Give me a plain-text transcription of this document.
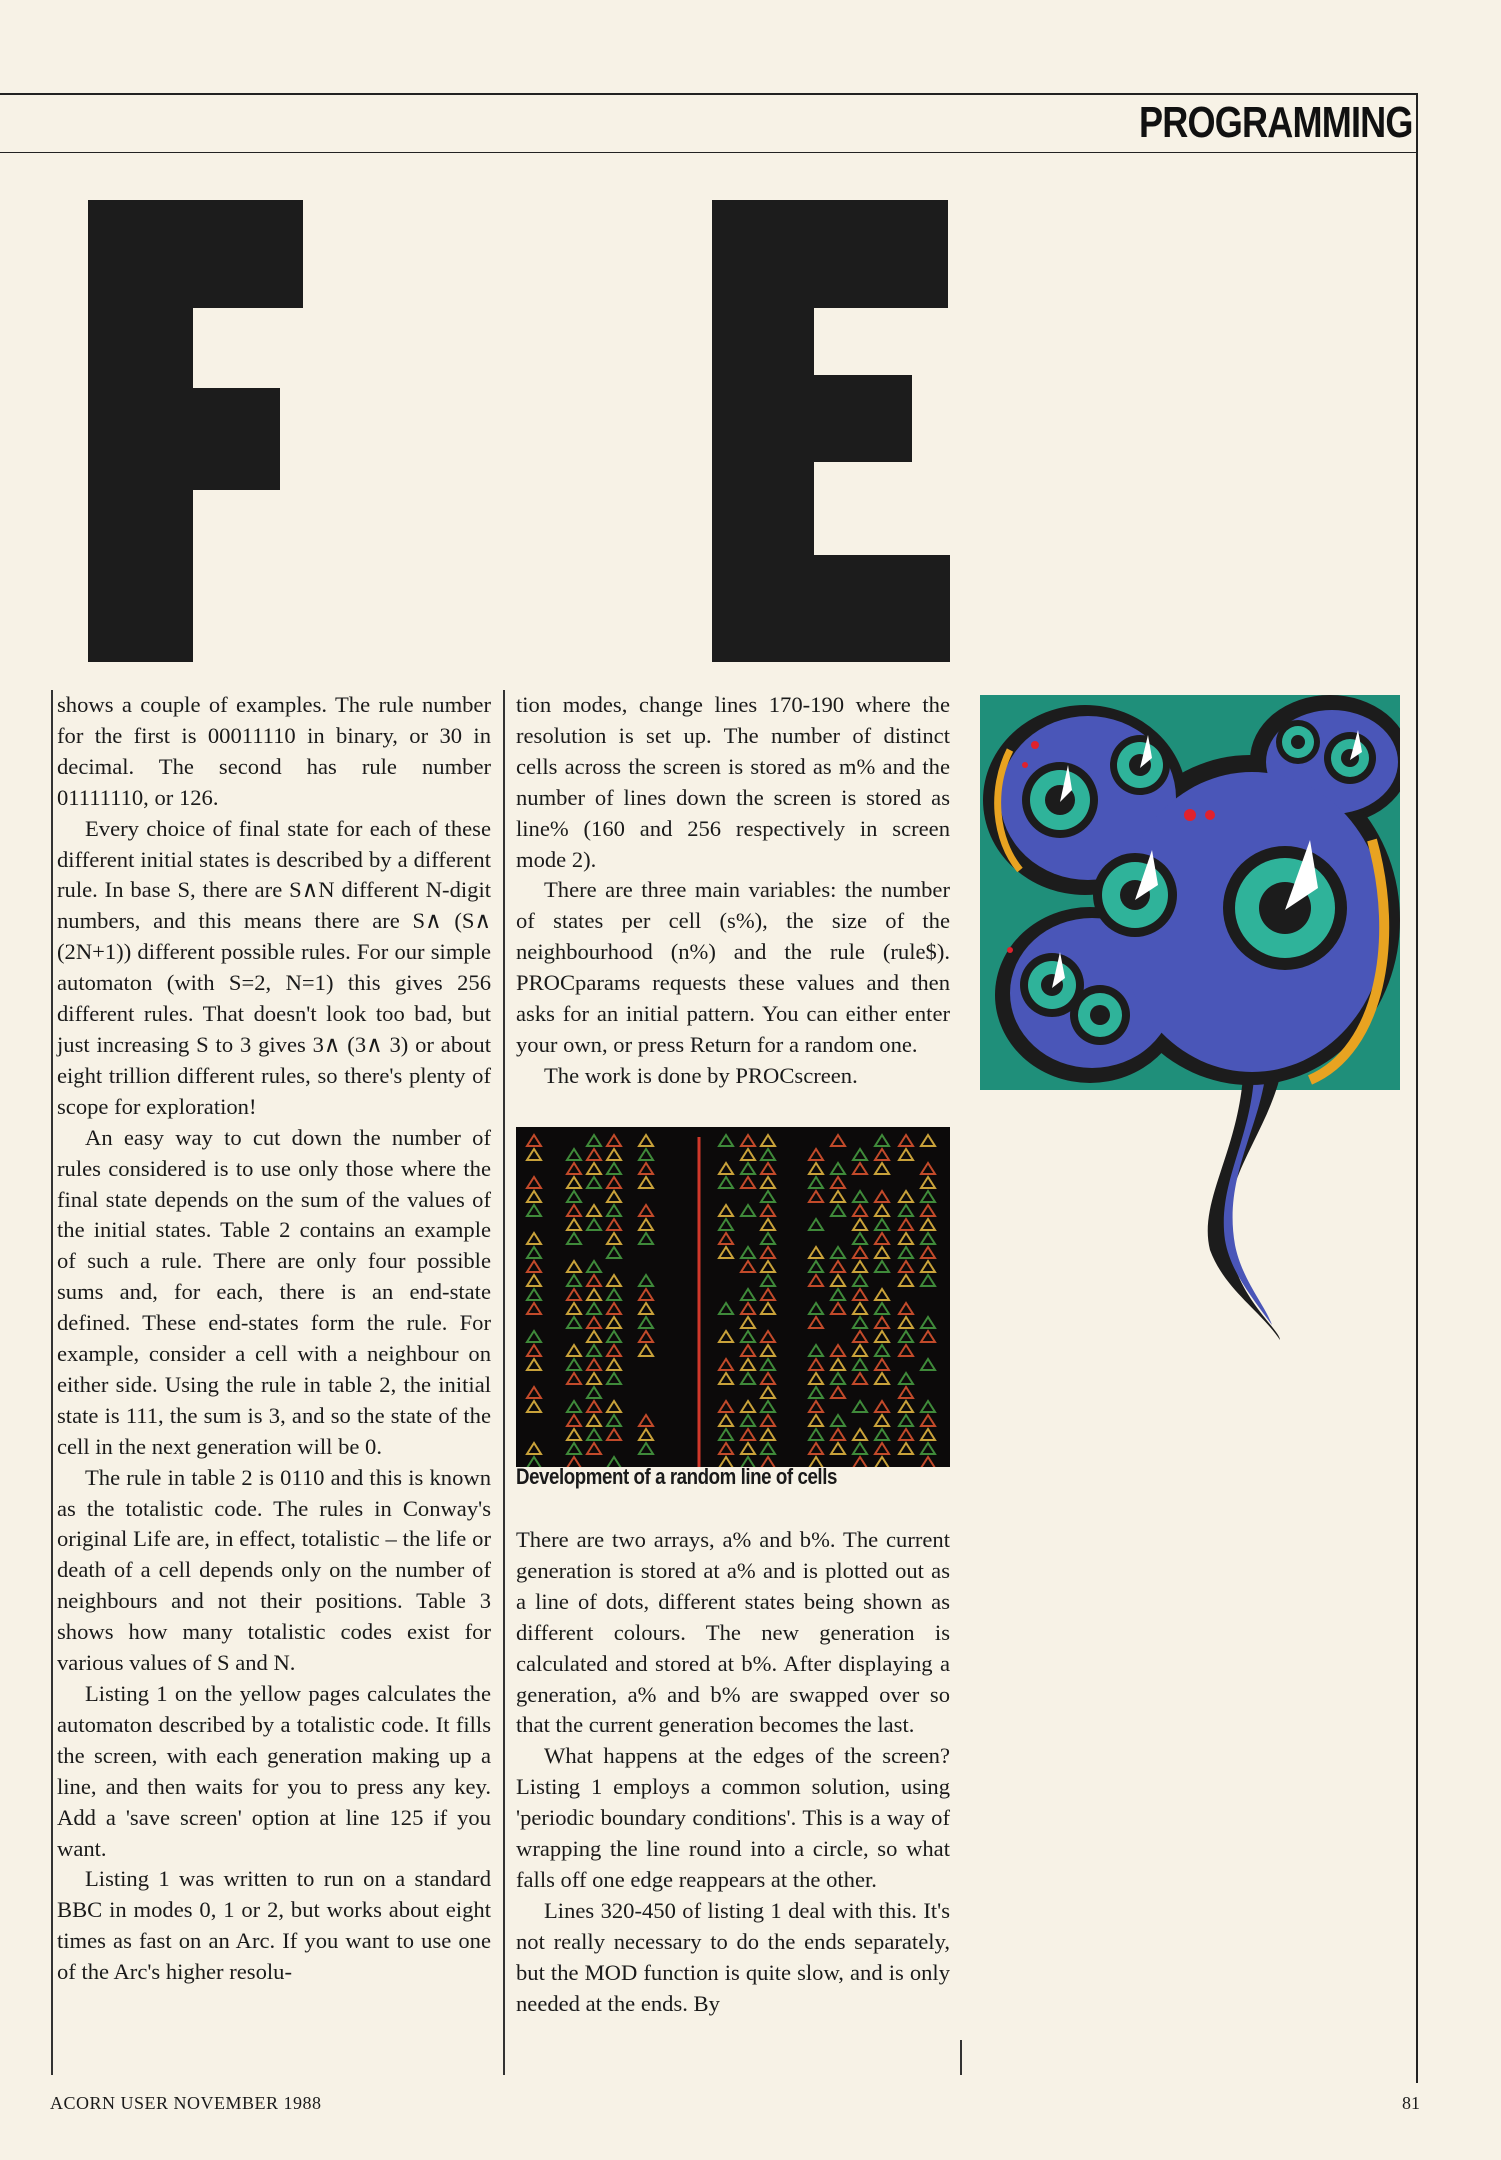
PROGRAMMING

shows a couple of examples. The rule number for the first is 00011110 in binary, or 30 in decimal. The second has rule number 01111110, or 126.

Every choice of final state for each of these different initial states is described by a different rule. In base S, there are S∧N different N-digit numbers, and this means there are S∧ (S∧ (2N+1)) different possible rules. For our simple automaton (with S=2, N=1) this gives 256 different rules. That doesn't look too bad, but just increasing S to 3 gives 3∧ (3∧ 3) or about eight trillion different rules, so there's plenty of scope for exploration!

An easy way to cut down the number of rules considered is to use only those where the final state depends on the sum of the values of the initial states. Table 2 contains an example of such a rule. There are only four possible sums and, for each, there is an end-state defined. These end-states form the rule. For example, consider a cell with a neighbour on either side. Using the rule in table 2, the initial state is 111, the sum is 3, and so the state of the cell in the next generation will be 0.

The rule in table 2 is 0110 and this is known as the totalistic code. The rules in Conway's original Life are, in effect, totalistic – the life or death of a cell depends only on the number of neighbours and not their positions. Table 3 shows how many totalistic codes exist for various values of S and N.

Listing 1 on the yellow pages calculates the automaton described by a totalistic code. It fills the screen, with each generation making up a line, and then waits for you to press any key. Add a 'save screen' option at line 125 if you want.

Listing 1 was written to run on a standard BBC in modes 0, 1 or 2, but works about eight times as fast on an Arc. If you want to use one of the Arc's higher resolu-

tion modes, change lines 170-190 where the resolution is set up. The number of distinct cells across the screen is stored as m% and the number of lines down the screen is stored as line% (160 and 256 respectively in screen mode 2).

There are three main variables: the number of states per cell (s%), the size of the neighbourhood (n%) and the rule (rule$). PROCparams requests these values and then asks for an initial pattern. You can either enter your own, or press Return for a random one.

The work is done by PROCscreen.

Development of a random line of cells

There are two arrays, a% and b%. The current generation is stored at a% and is plotted out as a line of dots, different states being shown as different colours. The new generation is calculated and stored at b%. After displaying a generation, a% and b% are swapped over so that the current generation becomes the last.

What happens at the edges of the screen? Listing 1 employs a common solution, using 'periodic boundary conditions'. This is a way of wrapping the line round into a circle, so what falls off one edge reappears at the other.

Lines 320-450 of listing 1 deal with this. It's not really necessary to do the ends separately, but the MOD function is quite slow, and is only needed at the ends. By

ACORN USER NOVEMBER 1988	81
